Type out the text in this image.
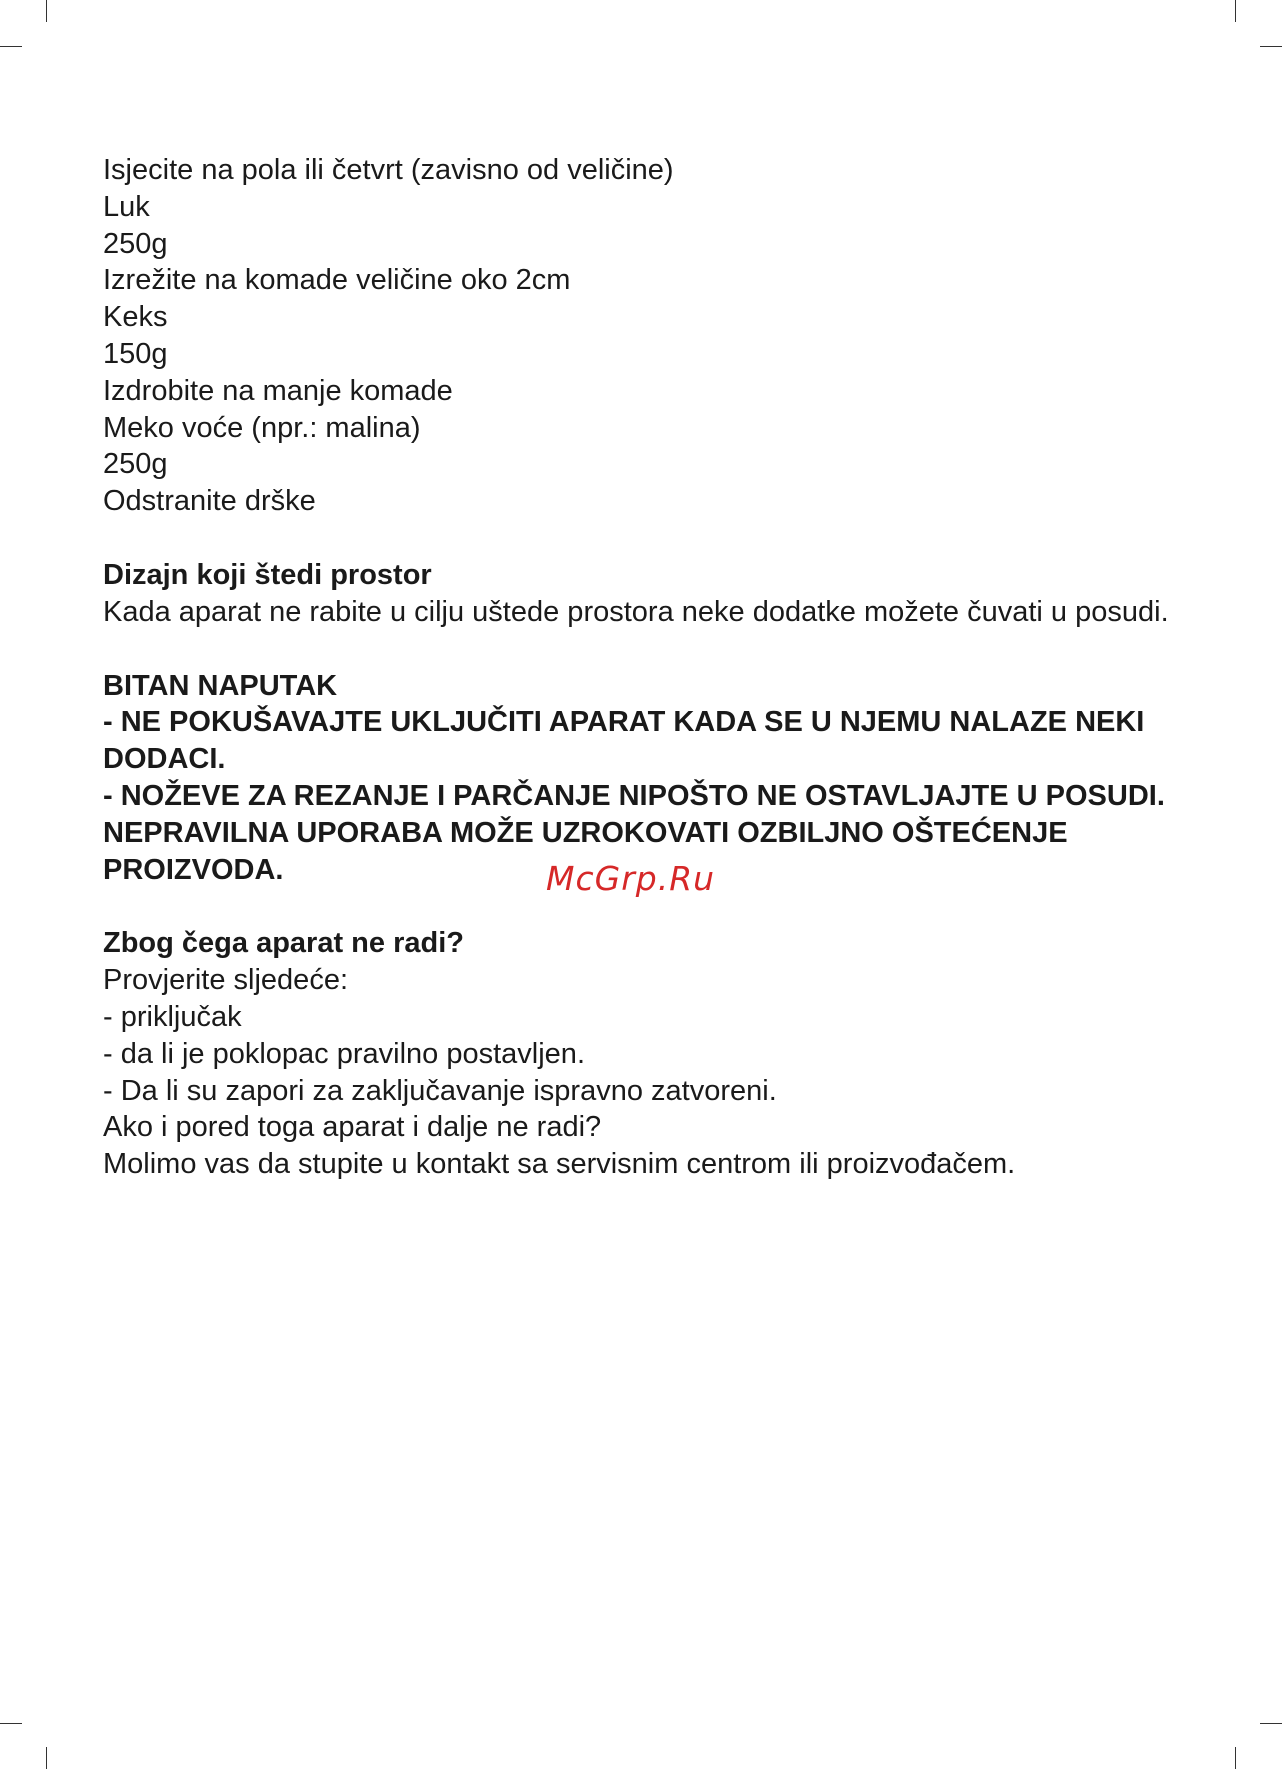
Isjecite na pola ili četvrt (zavisno od veličine)
Luk
250g
Izrežite na komade veličine oko 2cm
Keks
150g
Izdrobite na manje komade
Meko voće (npr.: malina)
250g
Odstranite drške
Dizajn koji štedi prostor
Kada aparat ne rabite u cilju uštede prostora neke dodatke možete čuvati u posudi.
BITAN NAPUTAK
- NE POKUŠAVAJTE UKLJUČITI APARAT KADA SE U NJEMU NALAZE NEKI DODACI.
- NOŽEVE ZA REZANJE I PARČANJE NIPOŠTO NE OSTAVLJAJTE U POSUDI. NEPRAVILNA UPORABA MOŽE UZROKOVATI OZBILJNO OŠTEĆENJE PROIZVODA.
Zbog čega aparat ne radi?
Provjerite sljedeće:
- priključak
- da li je poklopac pravilno postavljen.
- Da li su zapori za zaključavanje ispravno zatvoreni.
Ako i pored toga aparat i dalje ne radi?
Molimo vas da stupite u kontakt sa servisnim centrom ili proizvođačem.
McGrp.Ru
